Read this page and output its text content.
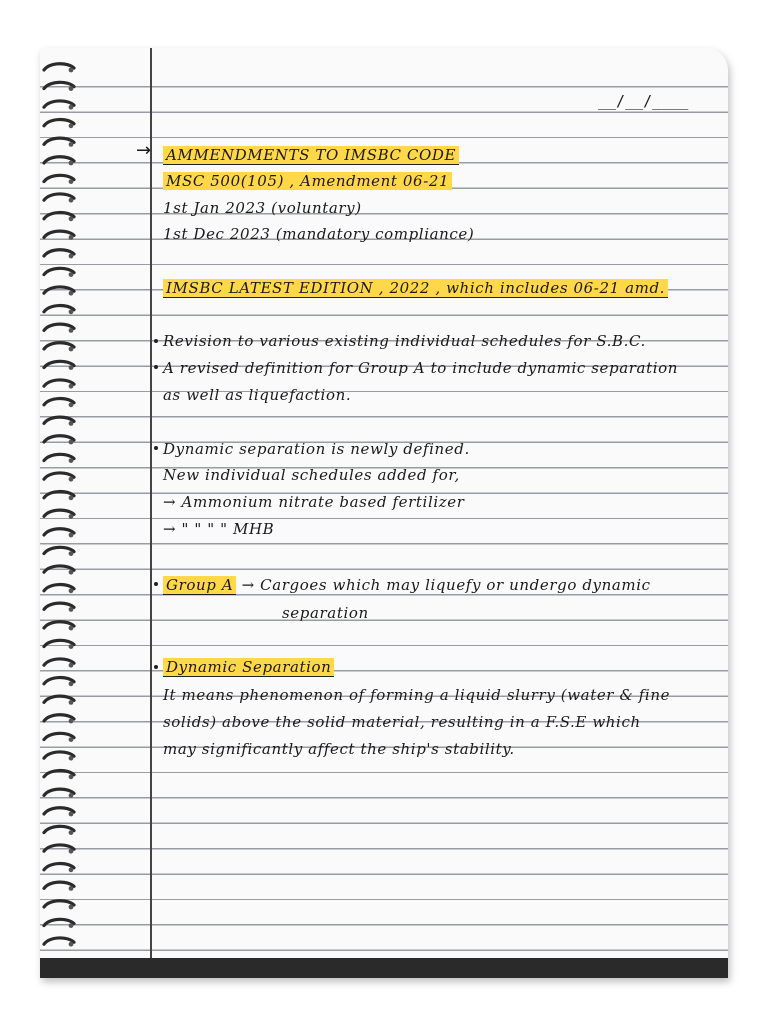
__/__/____
→ AMMENDMENTS TO IMSBC CODE
MSC 500(105) , Amendment 06-21
1st Jan 2023 (voluntary)
1st Dec 2023 (mandatory compliance)
IMSBC LATEST EDITION , 2022 , which includes 06-21 amd.
Revision to various existing individual schedules for S.B.C.
A revised definition for Group A to include dynamic separation
as well as liquefaction.
Dynamic separation is newly defined.
New individual schedules added for,
→ Ammonium nitrate based fertilizer
→ " " " " MHB
Group A → Cargoes which may liquefy or undergo dynamic
separation
Dynamic Separation
It means phenomenon of forming a liquid slurry (water & fine
solids) above the solid material, resulting in a F.S.E which
may significantly affect the ship's stability.
